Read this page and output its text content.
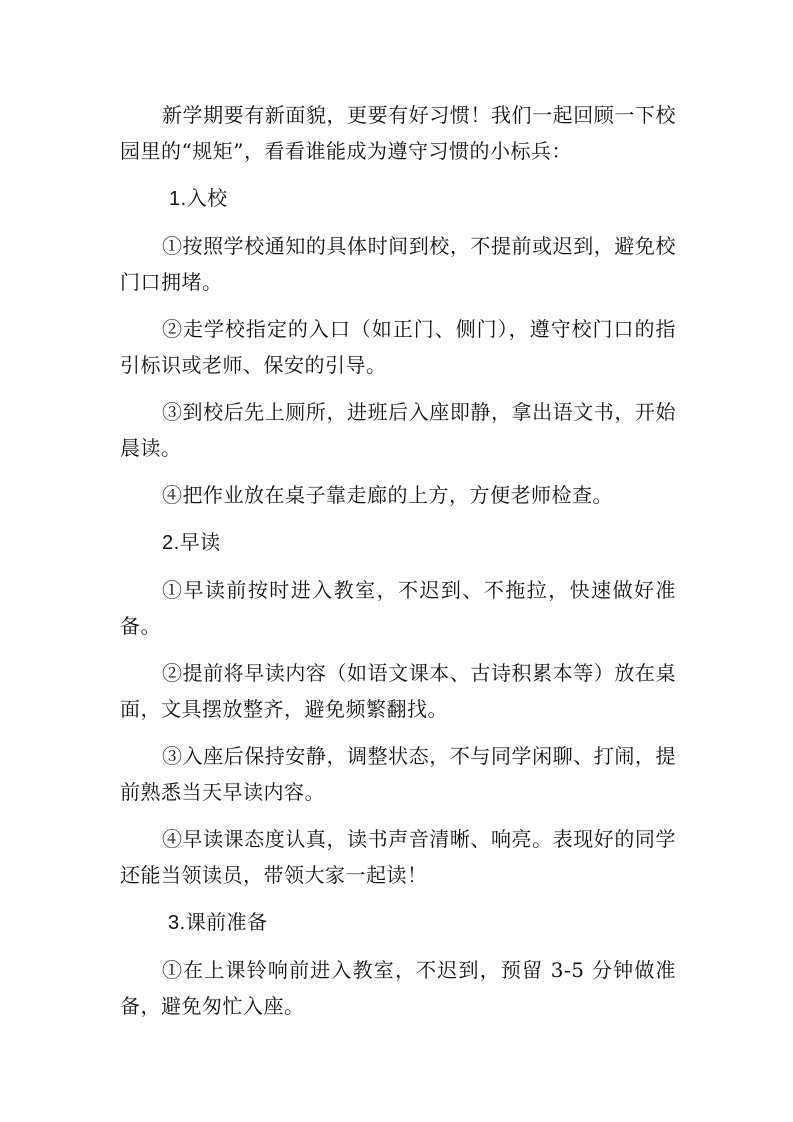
新学期要有新面貌，更要有好习惯！我们一起回顾一下校园里的“规矩”，看看谁能成为遵守习惯的小标兵：

1.入校

①按照学校通知的具体时间到校，不提前或迟到，避免校门口拥堵。

②走学校指定的入口（如正门、侧门），遵守校门口的指引标识或老师、保安的引导。

③到校后先上厕所，进班后入座即静，拿出语文书，开始晨读。

④把作业放在桌子靠走廊的上方，方便老师检查。

2.早读

①早读前按时进入教室，不迟到、不拖拉，快速做好准备。

②提前将早读内容（如语文课本、古诗积累本等）放在桌面，文具摆放整齐，避免频繁翻找。

③入座后保持安静，调整状态，不与同学闲聊、打闹，提前熟悉当天早读内容。

④早读课态度认真，读书声音清晰、响亮。表现好的同学还能当领读员，带领大家一起读！

3.课前准备

①在上课铃响前进入教室，不迟到，预留 3-5 分钟做准备，避免匆忙入座。
